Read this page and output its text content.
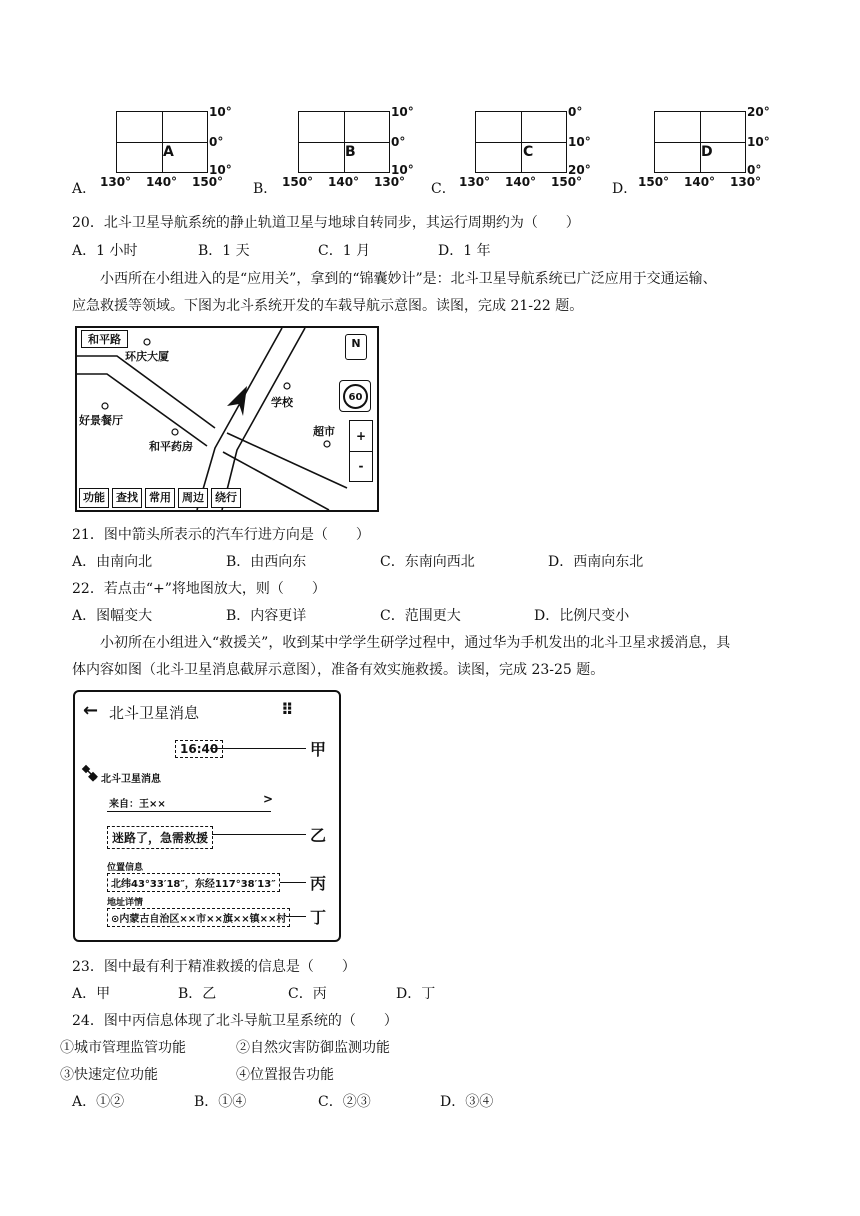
A．
A
10°
0°
10°
130° 140° 150° B．
B
10°
0°
10°
150° 140° 130° C．
C
0°
10°
20°
130° 140° 150° D．
D
20°
10°
0°
150° 140° 130°
20．北斗卫星导航系统的静止轨道卫星与地球自转同步，其运行周期约为（　　）
A．1 小时	B．1 天	C．1 月	D．1 年
小西所在小组进入的是“应用关”，拿到的“锦囊妙计”是：北斗卫星导航系统已广泛应用于交通运输、
应急救援等领域。下图为北斗系统开发的车载导航示意图。读图，完成 21-22 题。
和平路
环庆大厦
学校
好景餐厅
和平药房
超市
N
60
+
-
功能	查找	常用	周边	绕行
21．图中箭头所表示的汽车行进方向是（　　）
A．由南向北	B．由西向东	C．东南向西北	D．西南向东北
22．若点击“+”将地图放大，则（　　）
A．图幅变大	B．内容更详	C．范围更大	D．比例尺变小
小初所在小组进入“救援关”，收到某中学学生研学过程中，通过华为手机发出的北斗卫星求援消息，具
体内容如图（北斗卫星消息截屏示意图），准备有效实施救援。读图，完成 23-25 题。
← 北斗卫星消息	⠿
16:40
北斗卫星消息
来自：王××	>
迷路了，急需救援
位置信息
北纬43°33′18″，东经117°38′13″
地址详情
⊙内蒙古自治区××市××旗××镇××村
甲
乙
丙
丁
23．图中最有利于精准救援的信息是（　　）
A．甲	B．乙	C．丙	D．丁
24．图中丙信息体现了北斗导航卫星系统的（　　）
①城市管理监管功能	②自然灾害防御监测功能
③快速定位功能	④位置报告功能
A．①②	B．①④	C．②③	D．③④
